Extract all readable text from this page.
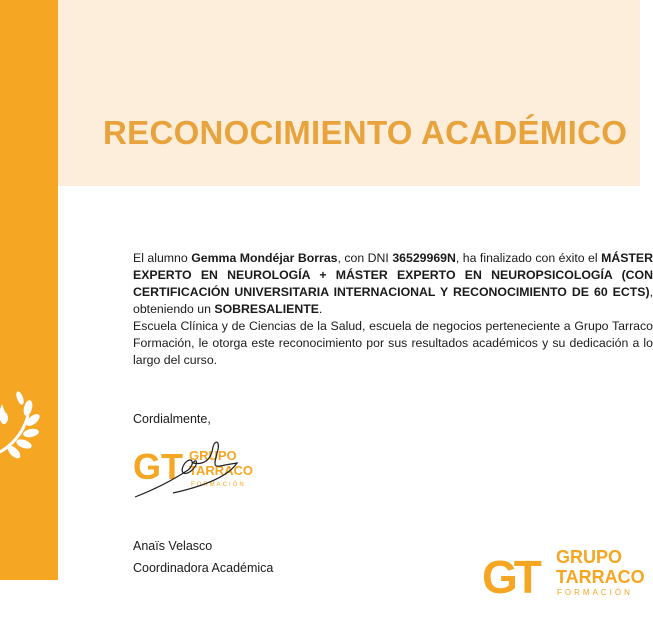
RECONOCIMIENTO ACADÉMICO
El alumno Gemma Mondéjar Borras, con DNI 36529969N, ha finalizado con éxito el MÁSTER EXPERTO EN NEUROLOGÍA + MÁSTER EXPERTO EN NEUROPSICOLOGÍA (CON CERTIFICACIÓN UNIVERSITARIA INTERNACIONAL Y RECONOCIMIENTO DE 60 ECTS), obteniendo un SOBRESALIENTE.
Escuela Clínica y de Ciencias de la Salud, escuela de negocios perteneciente a Grupo Tarraco Formación, le otorga este reconocimiento por sus resultados académicos y su dedicación a lo largo del curso.
Cordialmente,
GT GRUPO
TARRACO
FORMACIÓN
Anaïs Velasco
Coordinadora Académica	GT GRUPO
TARRACO
FORMACIÓN
